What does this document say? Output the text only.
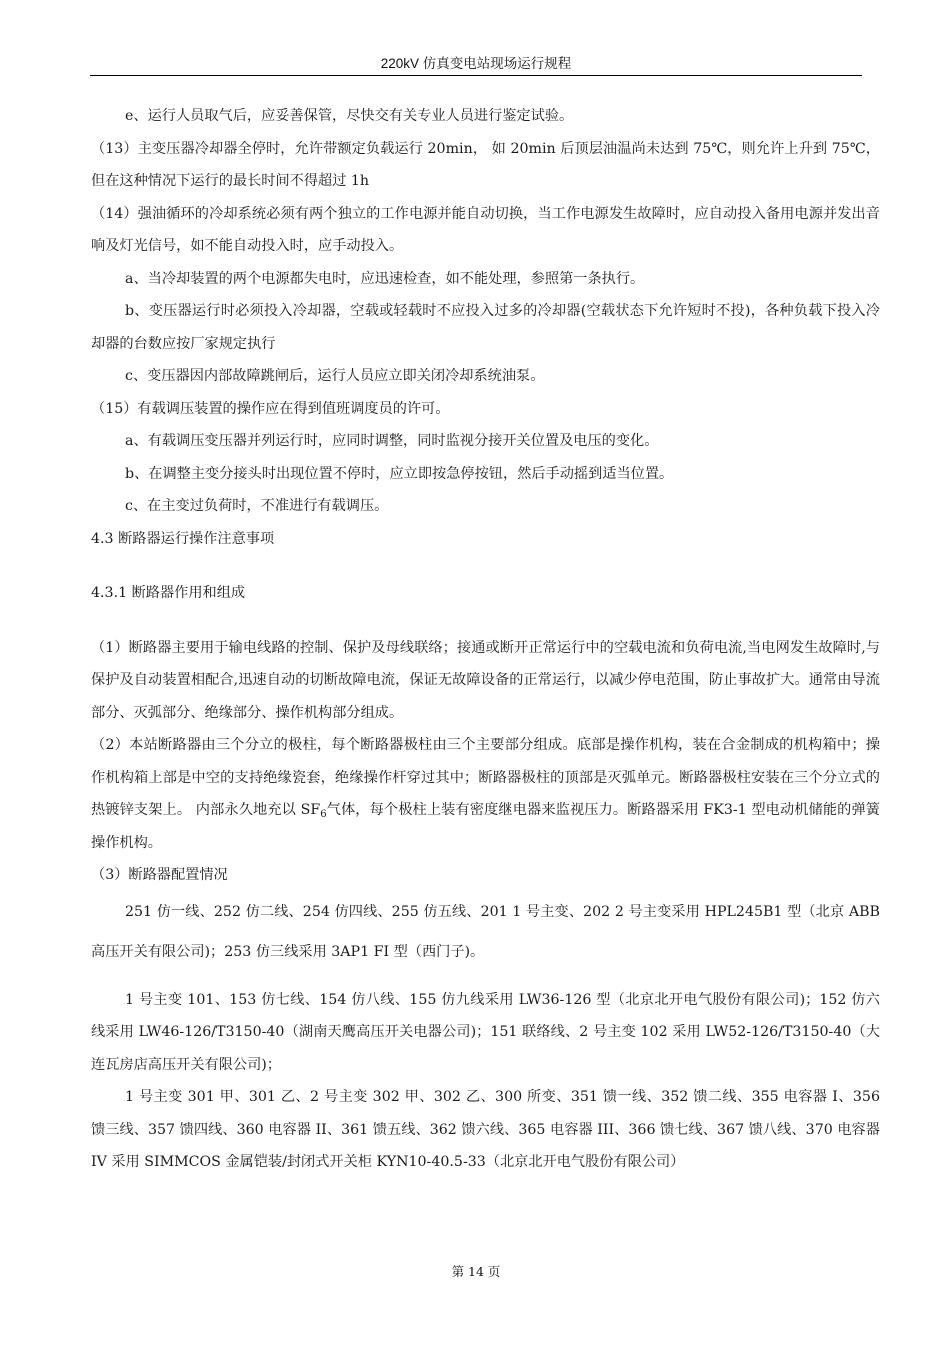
220kV 仿真变电站现场运行规程

e、运行人员取气后，应妥善保管，尽快交有关专业人员进行鉴定试验。

（13）主变压器冷却器全停时，允许带额定负载运行 20min， 如 20min 后顶层油温尚未达到 75℃，则允许上升到 75℃，但在这种情况下运行的最长时间不得超过 1h

（14）强油循环的冷却系统必须有两个独立的工作电源并能自动切换，当工作电源发生故障时，应自动投入备用电源并发出音响及灯光信号，如不能自动投入时，应手动投入。

a、当冷却装置的两个电源都失电时，应迅速检查，如不能处理，参照第一条执行。

b、变压器运行时必须投入冷却器，空载或轻载时不应投入过多的冷却器(空载状态下允许短时不投)，各种负载下投入冷却器的台数应按厂家规定执行

c、变压器因内部故障跳闸后，运行人员应立即关闭冷却系统油泵。

（15）有载调压装置的操作应在得到值班调度员的许可。

a、有载调压变压器并列运行时，应同时调整，同时监视分接开关位置及电压的变化。

b、在调整主变分接头时出现位置不停时，应立即按急停按钮，然后手动摇到适当位置。

c、在主变过负荷时，不准进行有载调压。

4.3 断路器运行操作注意事项

4.3.1 断路器作用和组成

（1）断路器主要用于输电线路的控制、保护及母线联络；接通或断开正常运行中的空载电流和负荷电流,当电网发生故障时,与保护及自动装置相配合,迅速自动的切断故障电流，保证无故障设备的正常运行，以减少停电范围，防止事故扩大。通常由导流部分、灭弧部分、绝缘部分、操作机构部分组成。

（2）本站断路器由三个分立的极柱，每个断路器极柱由三个主要部分组成。底部是操作机构，装在合金制成的机构箱中；操作机构箱上部是中空的支持绝缘瓷套，绝缘操作杆穿过其中；断路器极柱的顶部是灭弧单元。断路器极柱安装在三个分立式的热镀锌支架上。 内部永久地充以 $SF_6$气体，每个极柱上装有密度继电器来监视压力。断路器采用 FK3-1 型电动机储能的弹簧操作机构。

（3）断路器配置情况

251 仿一线、252 仿二线、254 仿四线、255 仿五线、201 1 号主变、202 2 号主变采用 HPL245B1 型（北京 ABB 高压开关有限公司)；253 仿三线采用 3AP1 FI 型（西门子)。

1 号主变 101、153 仿七线、154 仿八线、155 仿九线采用 LW36-126 型（北京北开电气股份有限公司)；152 仿六线采用 LW46-126/T3150-40（湖南天鹰高压开关电器公司)；151 联络线、2 号主变 102 采用 LW52-126/T3150-40（大连瓦房店高压开关有限公司)；

1 号主变 301 甲、301 乙、2 号主变 302 甲、302 乙、300 所变、351 馈一线、352 馈二线、355 电容器 I、356 馈三线、357 馈四线、360 电容器 II、361 馈五线、362 馈六线、365 电容器 III、366 馈七线、367 馈八线、370 电容器 IV 采用 SIMMCOS 金属铠装/封闭式开关柜 KYN10-40.5-33（北京北开电气股份有限公司）

第 14 页
